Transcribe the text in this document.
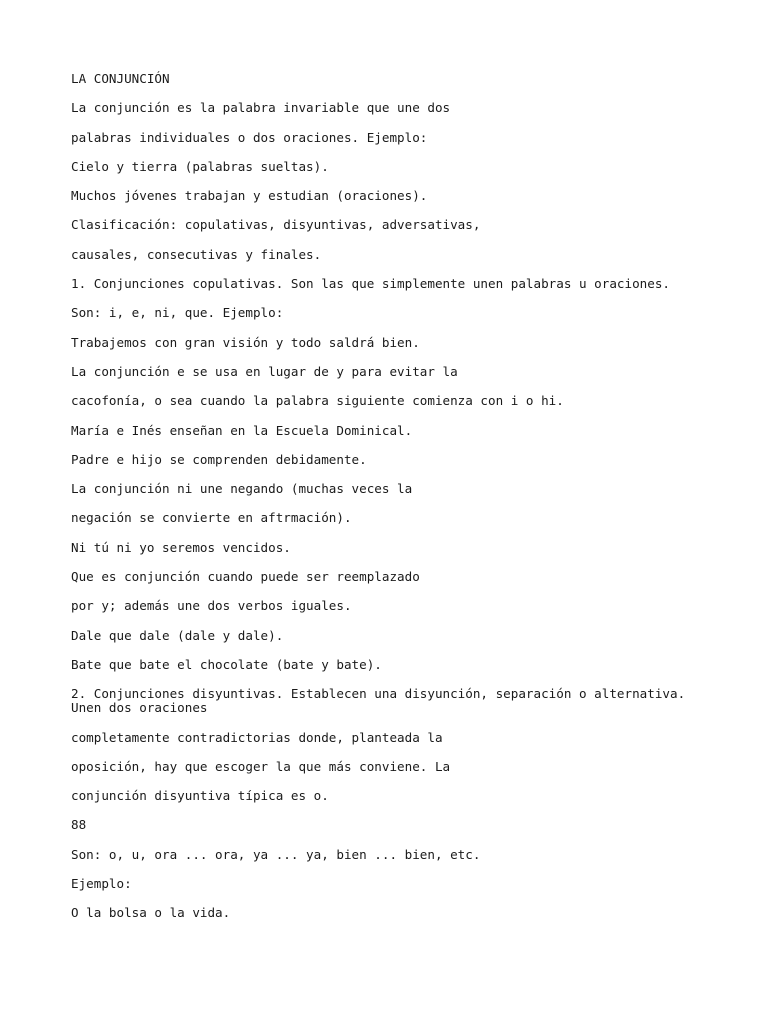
LA CONJUNCIÓN
La conjunción es la palabra invariable que une dos
palabras individuales o dos oraciones. Ejemplo:
Cielo y tierra (palabras sueltas).
Muchos jóvenes trabajan y estudian (oraciones).
Clasificación: copulativas, disyuntivas, adversativas,
causales, consecutivas y finales.
1. Conjunciones copulativas. Son las que simplemente unen palabras u oraciones.
Son: i, e, ni, que. Ejemplo:
Trabajemos con gran visión y todo saldrá bien.
La conjunción e se usa en lugar de y para evitar la
cacofonía, o sea cuando la palabra siguiente comienza con i o hi.
María e Inés enseñan en la Escuela Dominical.
Padre e hijo se comprenden debidamente.
La conjunción ni une negando (muchas veces la
negación se convierte en aftrmación).
Ni tú ni yo seremos vencidos.
Que es conjunción cuando puede ser reemplazado
por y; además une dos verbos iguales.
Dale que dale (dale y dale).
Bate que bate el chocolate (bate y bate).
2. Conjunciones disyuntivas. Establecen una disyunción, separación o alternativa. Unen dos oraciones
completamente contradictorias donde, planteada la
oposición, hay que escoger la que más conviene. La
conjunción disyuntiva típica es o.
88
Son: o, u, ora ... ora, ya ... ya, bien ... bien, etc.
Ejemplo:
O la bolsa o la vida.
